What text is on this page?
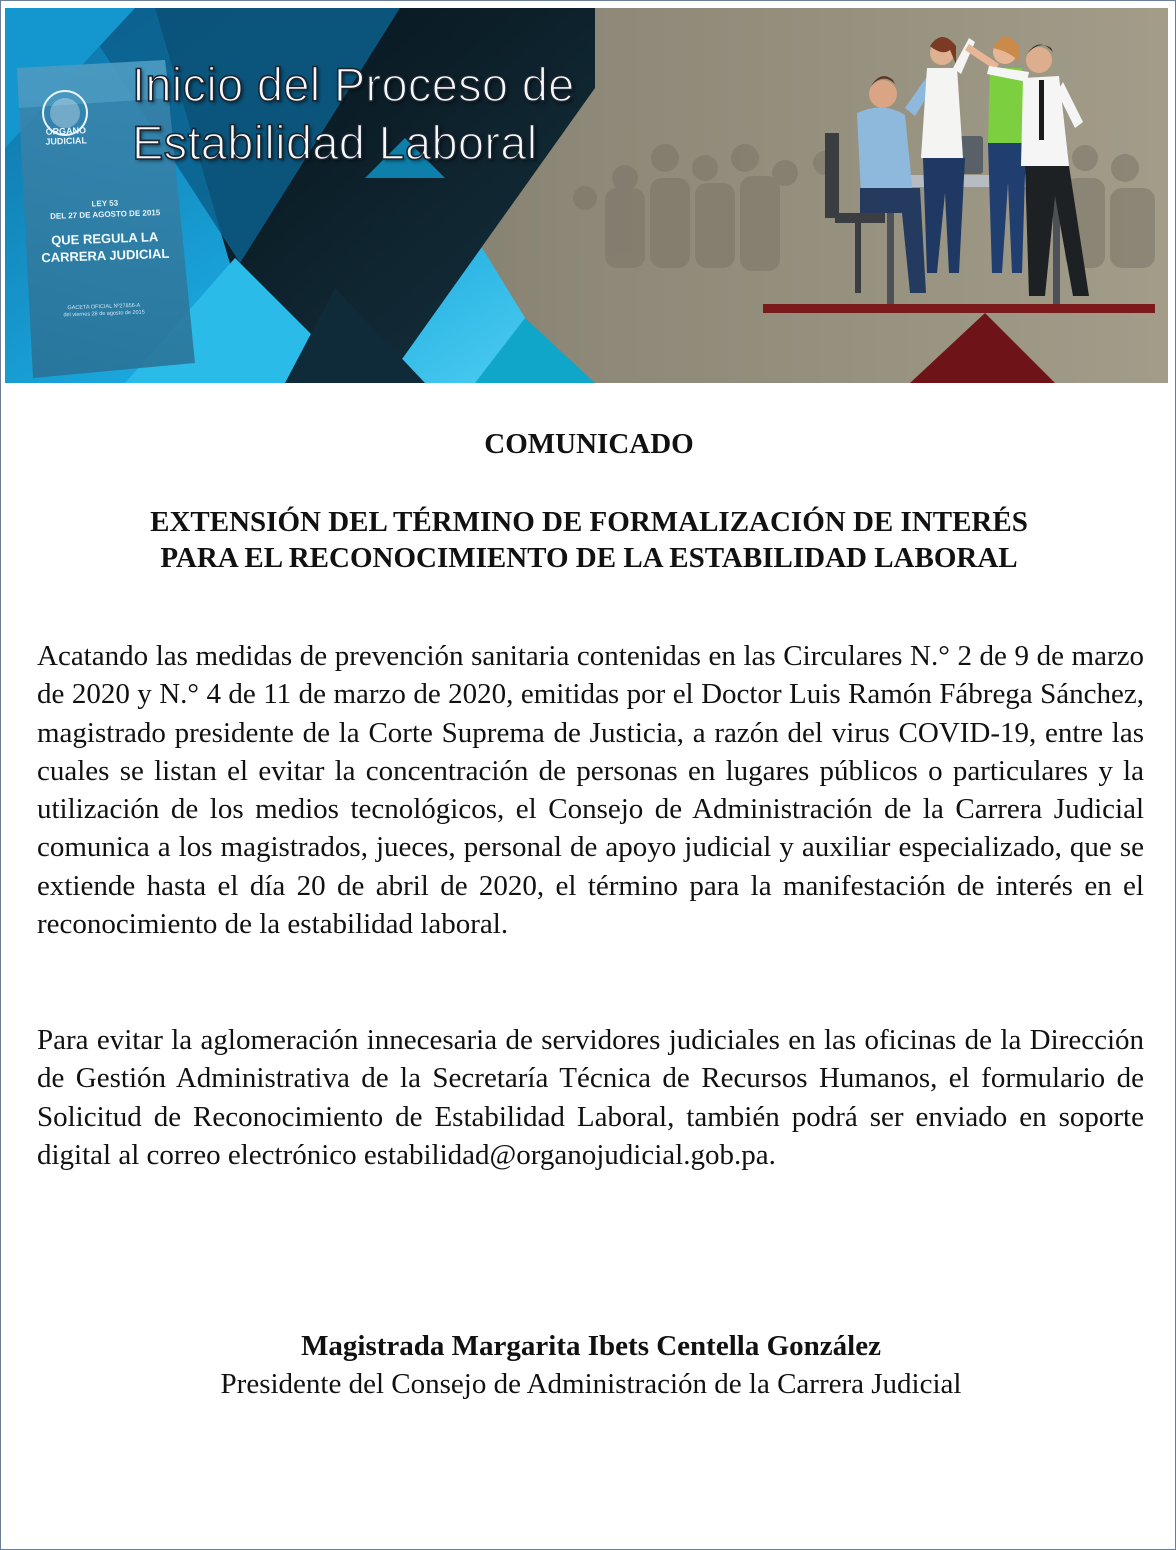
Inicio del Proceso de
Estabilidad Laboral
ÓRGANO JUDICIAL
LEY 53
DEL 27 DE AGOSTO DE 2015
QUE REGULA LA
CARRERA JUDICIAL
GACETA OFICIAL Nº27856-A
del viernes 28 de agosto de 2015
COMUNICADO
EXTENSIÓN DEL TÉRMINO DE FORMALIZACIÓN DE INTERÉS
PARA EL RECONOCIMIENTO DE LA ESTABILIDAD LABORAL
Acatando las medidas de prevención sanitaria contenidas en las Circulares N.° 2 de 9 de marzo de 2020 y N.° 4 de 11 de marzo de 2020, emitidas por el Doctor Luis Ramón Fábrega Sánchez, magistrado presidente de la Corte Suprema de Justicia, a razón del virus COVID-19, entre las cuales se listan el evitar la concentración de personas en lugares públicos o particulares y la utilización de los medios tecnológicos, el Consejo de Administración de la Carrera Judicial comunica a los magistrados, jueces, personal de apoyo judicial y auxiliar especializado, que se extiende hasta el día 20 de abril de 2020, el término para la manifestación de interés en el reconocimiento de la estabilidad laboral.
Para evitar la aglomeración innecesaria de servidores judiciales en las oficinas de la Dirección de Gestión Administrativa de la Secretaría Técnica de Recursos Humanos, el formulario de Solicitud de Reconocimiento de Estabilidad Laboral, también podrá ser enviado en soporte digital al correo electrónico estabilidad@organojudicial.gob.pa.
Magistrada Margarita Ibets Centella González
Presidente del Consejo de Administración de la Carrera Judicial
